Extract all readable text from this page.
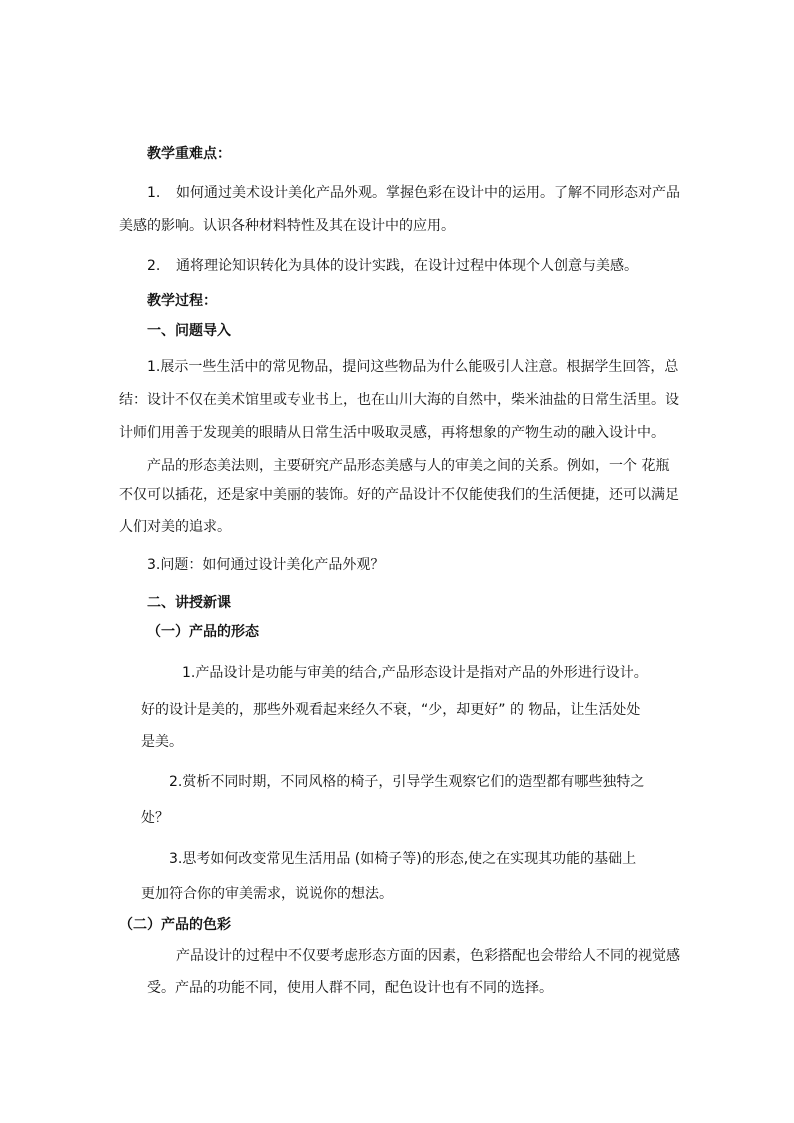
教学重难点：

1. 如何通过美术设计美化产品外观。掌握色彩在设计中的运用。了解不同形态对产品

美感的影响。认识各种材料特性及其在设计中的应用。

2. 通将理论知识转化为具体的设计实践，在设计过程中体现个人创意与美感。

教学过程：

一、问题导入

1.展示一些生活中的常见物品，提问这些物品为什么能吸引人注意。根据学生回答，总

结：设计不仅在美术馆里或专业书上，也在山川大海的自然中，柴米油盐的日常生活里。设

计师们用善于发现美的眼睛从日常生活中吸取灵感，再将想象的产物生动的融入设计中。

产品的形态美法则，主要研究产品形态美感与人的审美之间的关系。例如，一个 花瓶

不仅可以插花，还是家中美丽的装饰。好的产品设计不仅能使我们的生活便捷，还可以满足

人们对美的追求。

3.问题：如何通过设计美化产品外观？

二、讲授新课

（一）产品的形态

1.产品设计是功能与审美的结合,产品形态设计是指对产品的外形进行设计。

好的设计是美的，那些外观看起来经久不衰，“少，却更好” 的 物品，让生活处处

是美。

2.赏析不同时期，不同风格的椅子，引导学生观察它们的造型都有哪些独特之

处？

3.思考如何改变常见生活用品 (如椅子等)的形态,使之在实现其功能的基础上

更加符合你的审美需求，说说你的想法。

（二）产品的色彩

产品设计的过程中不仅要考虑形态方面的因素，色彩搭配也会带给人不同的视觉感

受。产品的功能不同，使用人群不同，配色设计也有不同的选择。
